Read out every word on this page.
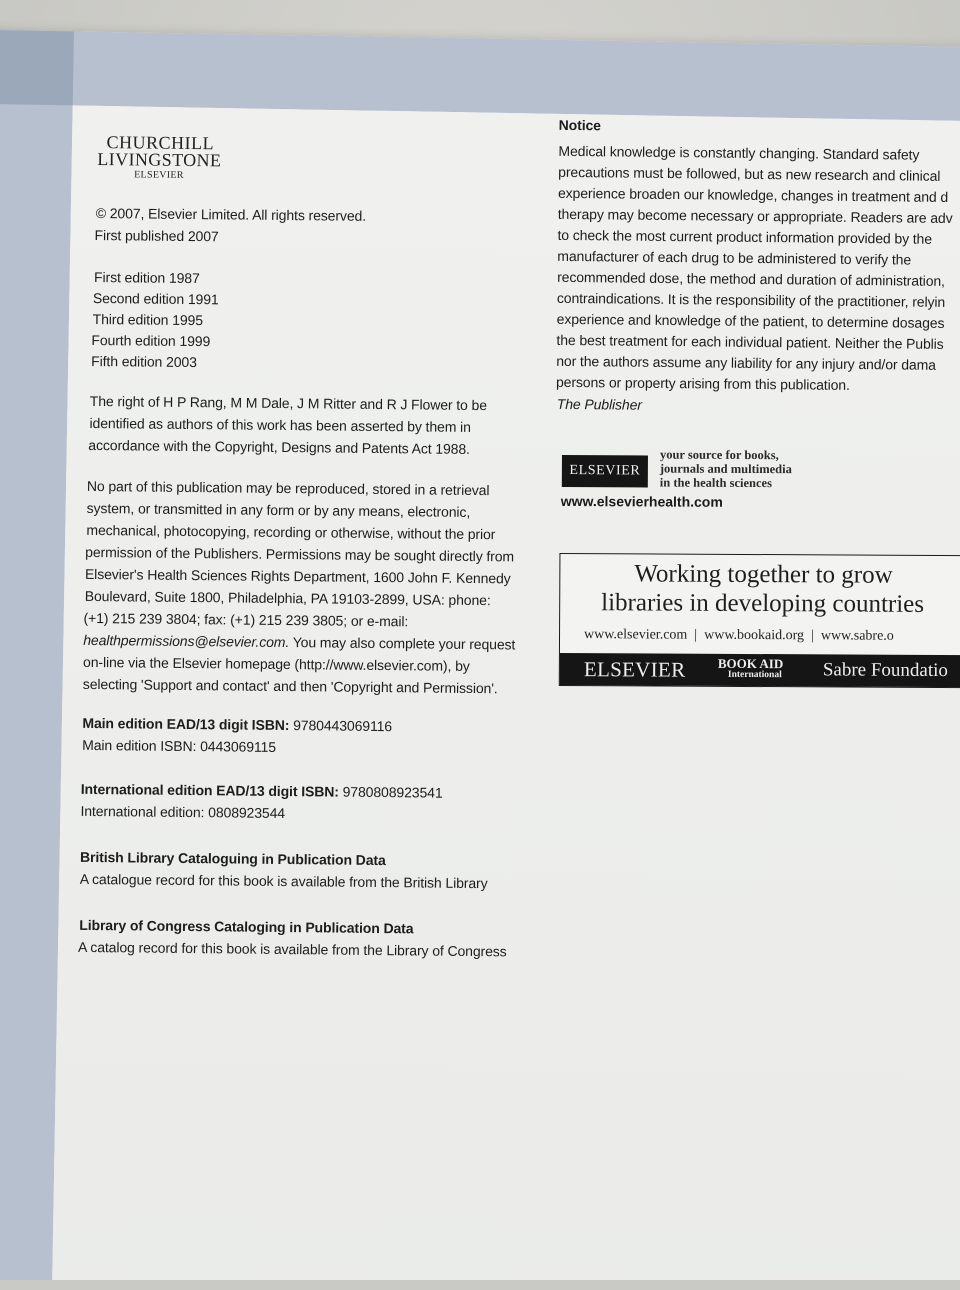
CHURCHILL
LIVINGSTONE
ELSEVIER
© 2007, Elsevier Limited. All rights reserved.
First published 2007
First edition 1987
Second edition 1991
Third edition 1995
Fourth edition 1999
Fifth edition 2003
The right of H P Rang, M M Dale, J M Ritter and R J Flower to be
identified as authors of this work has been asserted by them in
accordance with the Copyright, Designs and Patents Act 1988.
No part of this publication may be reproduced, stored in a retrieval
system, or transmitted in any form or by any means, electronic,
mechanical, photocopying, recording or otherwise, without the prior
permission of the Publishers. Permissions may be sought directly from
Elsevier's Health Sciences Rights Department, 1600 John F. Kennedy
Boulevard, Suite 1800, Philadelphia, PA 19103-2899, USA: phone:
(+1) 215 239 3804; fax: (+1) 215 239 3805; or e-mail:
healthpermissions@elsevier.com. You may also complete your request
on-line via the Elsevier homepage (http://www.elsevier.com), by
selecting 'Support and contact' and then 'Copyright and Permission'.
Main edition EAD/13 digit ISBN: 9780443069116
Main edition ISBN: 0443069115
International edition EAD/13 digit ISBN: 9780808923541
International edition: 0808923544
British Library Cataloguing in Publication Data
A catalogue record for this book is available from the British Library
Library of Congress Cataloging in Publication Data
A catalog record for this book is available from the Library of Congress
Notice
Medical knowledge is constantly changing. Standard safety
precautions must be followed, but as new research and clinical
experience broaden our knowledge, changes in treatment and d
therapy may become necessary or appropriate. Readers are adv
to check the most current product information provided by the
manufacturer of each drug to be administered to verify the
recommended dose, the method and duration of administration,
contraindications. It is the responsibility of the practitioner, relyin
experience and knowledge of the patient, to determine dosages
the best treatment for each individual patient. Neither the Publis
nor the authors assume any liability for any injury and/or dama
persons or property arising from this publication.
The Publisher
ELSEVIER
your source for books,
journals and multimedia
in the health sciences
www.elsevierhealth.com
Working together to grow
libraries in developing countries
www.elsevier.com  |  www.bookaid.org  |  www.sabre.o
ELSEVIER BOOK AID
International	Sabre Foundatio
